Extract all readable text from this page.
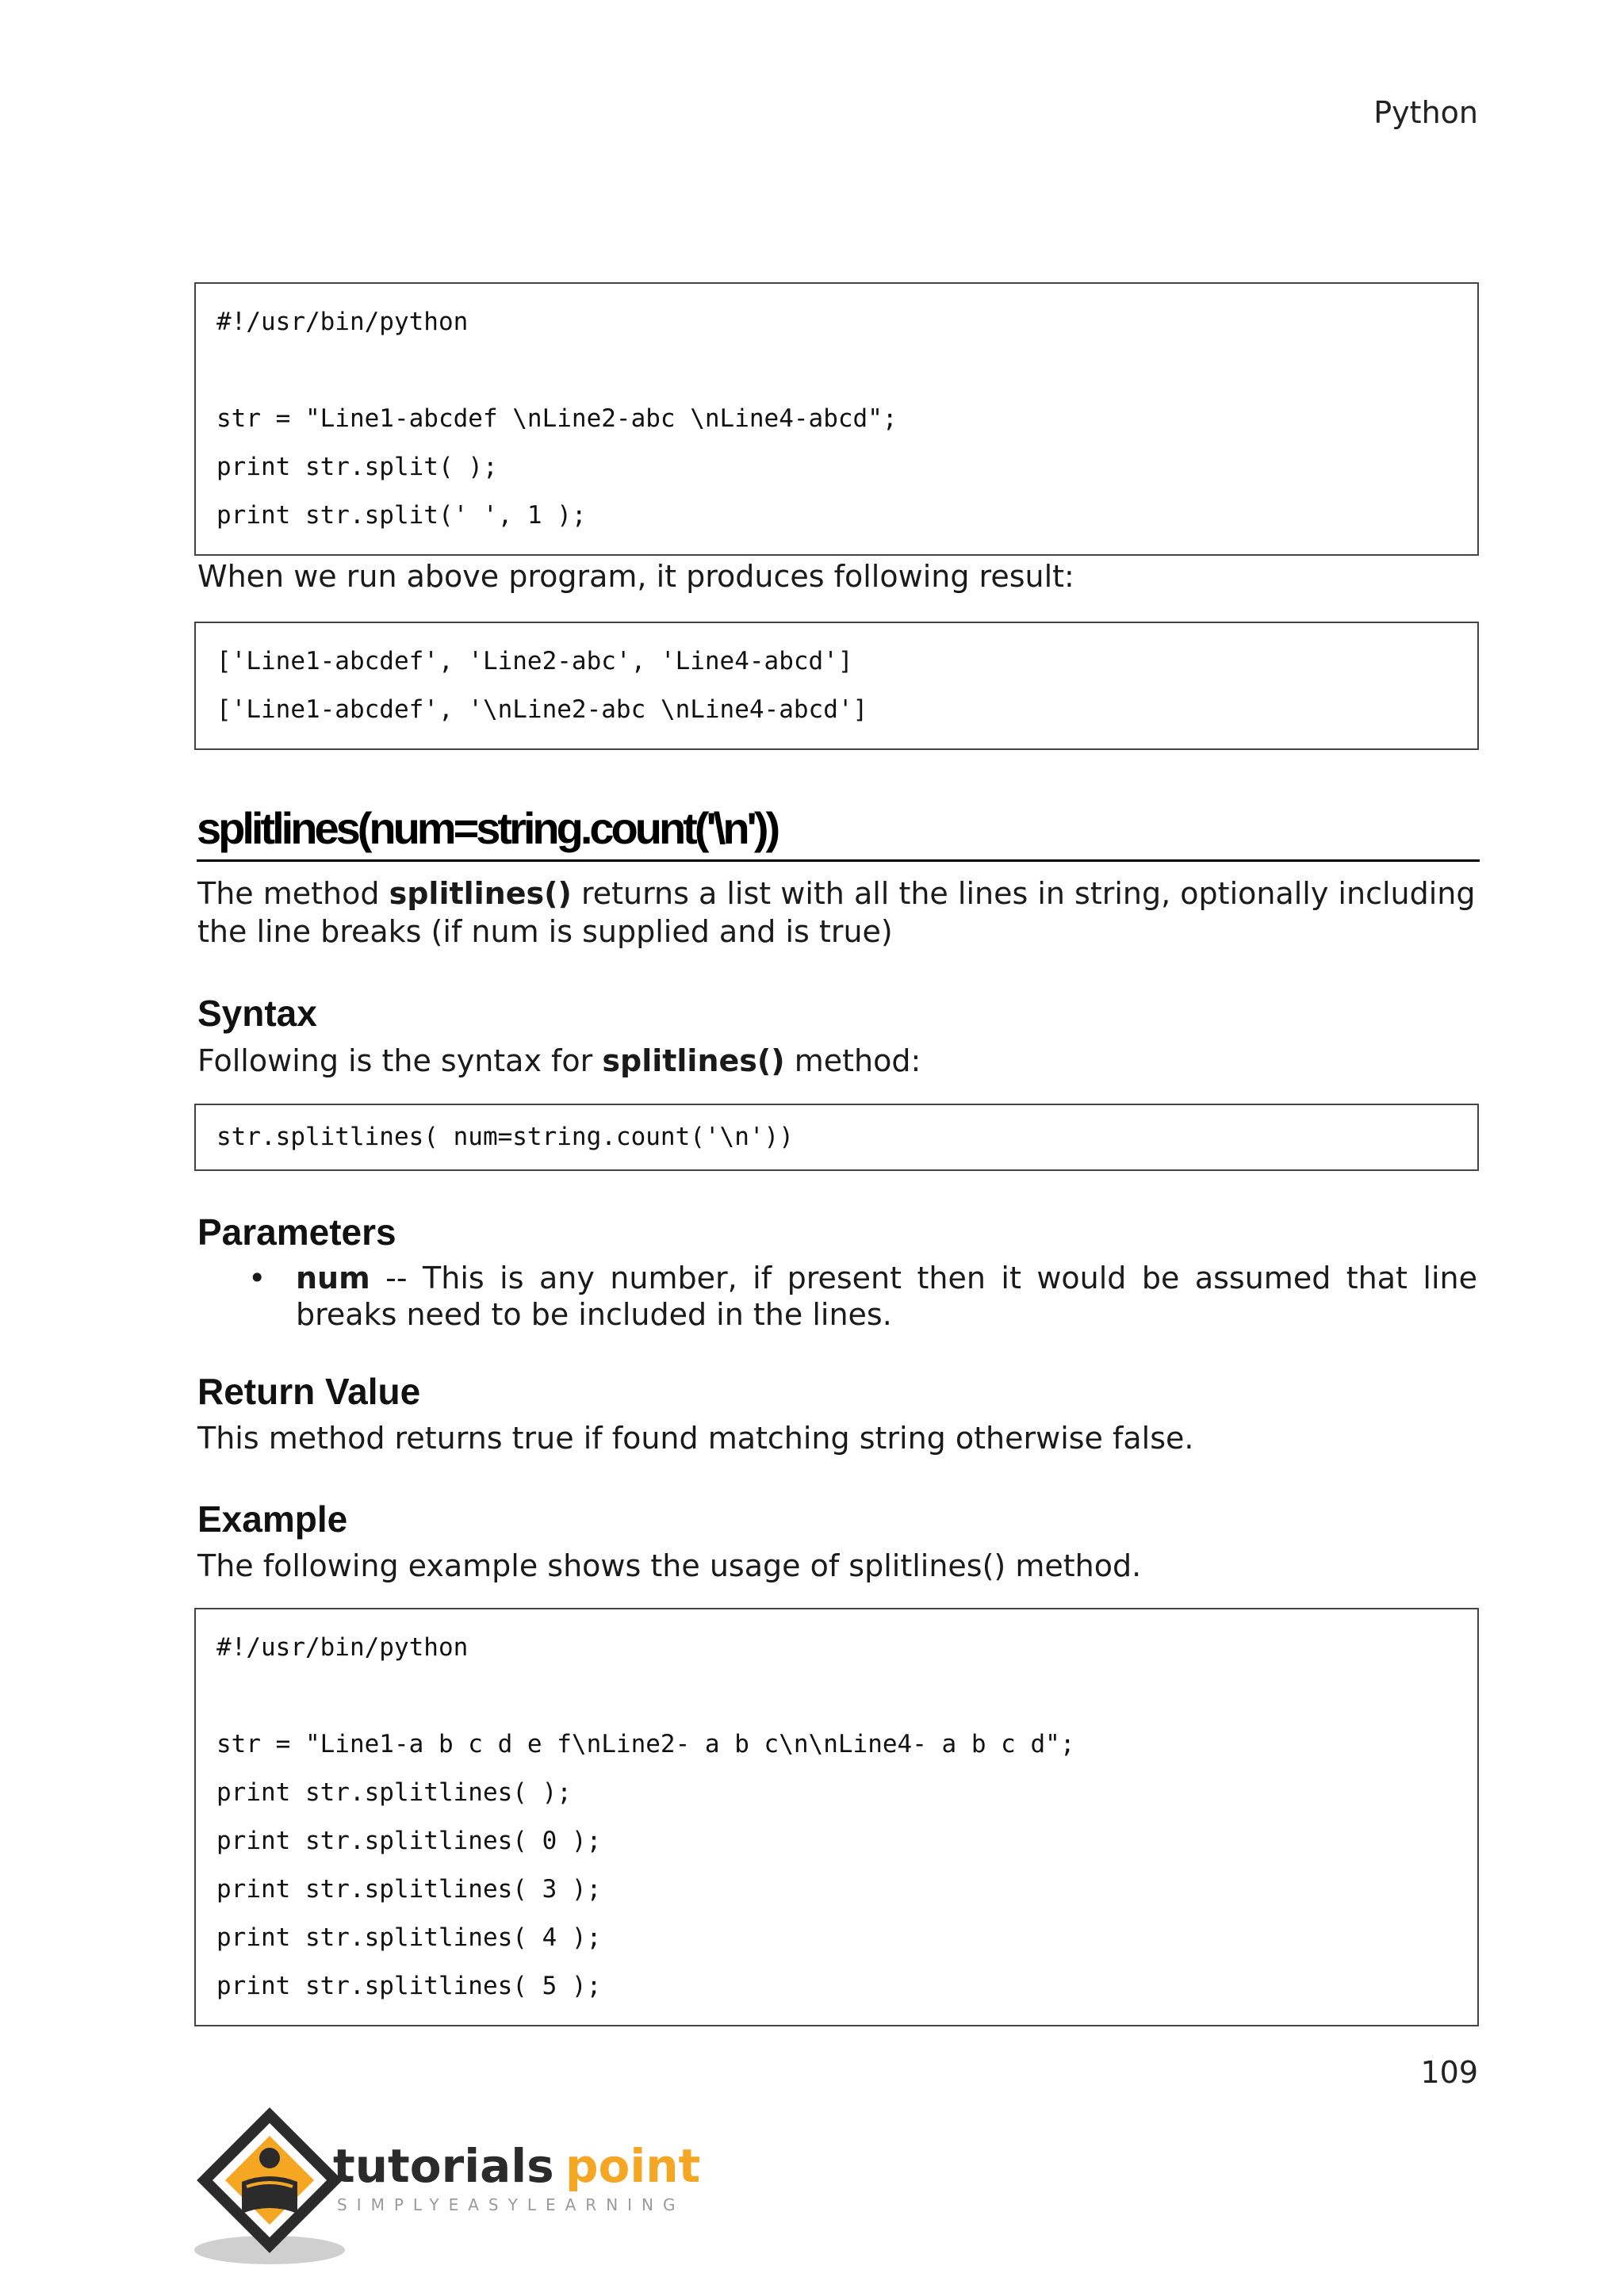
Python
#!/usr/bin/python
str = "Line1-abcdef \nLine2-abc \nLine4-abcd";
print str.split( );
print str.split(' ', 1 );
When we run above program, it produces following result:
['Line1-abcdef', 'Line2-abc', 'Line4-abcd']
['Line1-abcdef', '\nLine2-abc \nLine4-abcd']
splitlines(num=string.count('\n'))
The method splitlines() returns a list with all the lines in string, optionally including the line breaks (if num is supplied and is true)
Syntax
Following is the syntax for splitlines() method:
str.splitlines( num=string.count('\n'))
Parameters
• num -- This is any number, if present then it would be assumed that line breaks need to be included in the lines.
Return Value
This method returns true if found matching string otherwise false.
Example
The following example shows the usage of splitlines() method.
#!/usr/bin/python
str = "Line1-a b c d e f\nLine2- a b c\n\nLine4- a b c d";
print str.splitlines( );
print str.splitlines( 0 );
print str.splitlines( 3 );
print str.splitlines( 4 );
print str.splitlines( 5 );
109
tutorials point
SIMPLYEASYLEARNING
